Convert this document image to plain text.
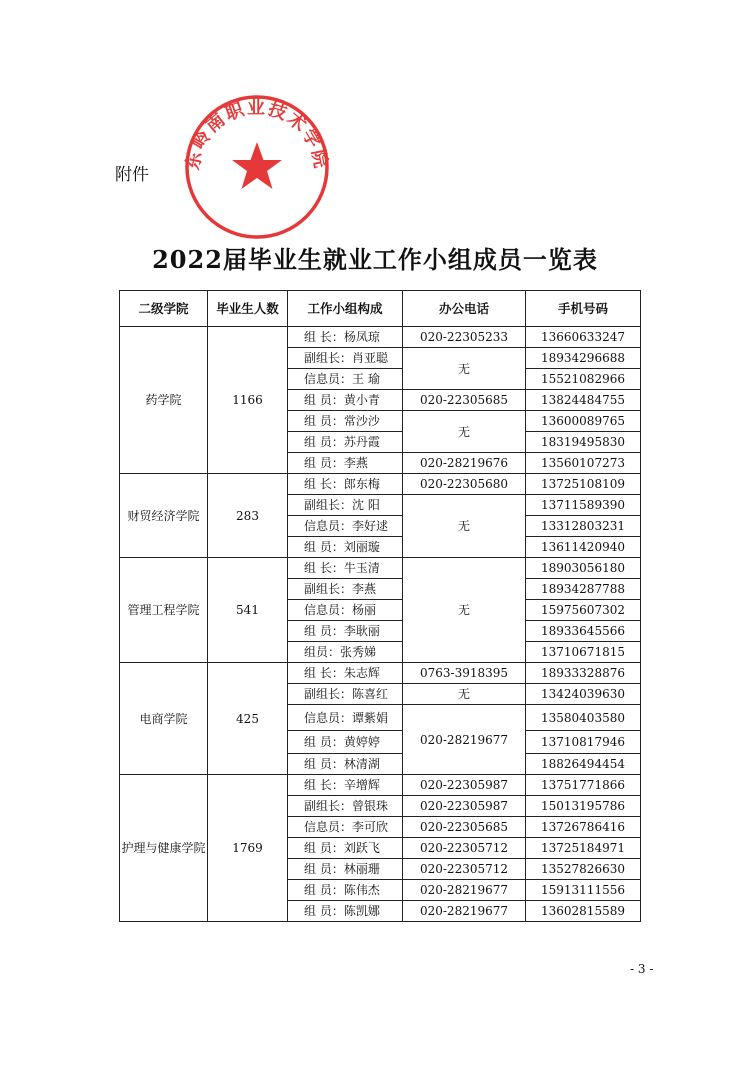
附件
东岭南职业技术学院
2022届毕业生就业工作小组成员一览表
二级学院	毕业生人数	工作小组构成	办公电话	手机号码
药学院	1166	组 长：杨凤琼	020-22305233	13660633247
		副组长：肖亚聪	无	18934296688
		信息员：王 瑜		15521082966
		组 员：黄小青	020-22305685	13824484755
		组 员：常沙沙	无	13600089765
		组 员：苏丹霞		18319495830
		组 员：李燕	020-28219676	13560107273
财贸经济学院	283	组 长：郎东梅	020-22305680	13725108109
		副组长：沈 阳	无	13711589390
		信息员：李好逑		13312803231
		组 员：刘丽璇		13611420940
管理工程学院	541	组 长：牛玉清	无	18903056180
		副组长：李燕		18934287788
		信息员：杨丽		15975607302
		组 员：李耿丽		18933645566
		组员：张秀娣		13710671815
电商学院	425	组 长：朱志辉	0763-3918395	18933328876
		副组长：陈喜红	无	13424039630
		信息员：谭紫娟	020-28219677	13580403580
		组 员：黄婷婷		13710817946
		组 员：林清湖		18826494454
护理与健康学院	1769	组 长：辛增辉	020-22305987	13751771866
		副组长：曾银珠	020-22305987	15013195786
		信息员：李可欣	020-22305685	13726786416
		组 员：刘跃飞	020-22305712	13725184971
		组 员：林丽珊	020-22305712	13527826630
		组 员：陈伟杰	020-28219677	15913111556
		组 员：陈凯娜	020-28219677	13602815589
- 3 -
